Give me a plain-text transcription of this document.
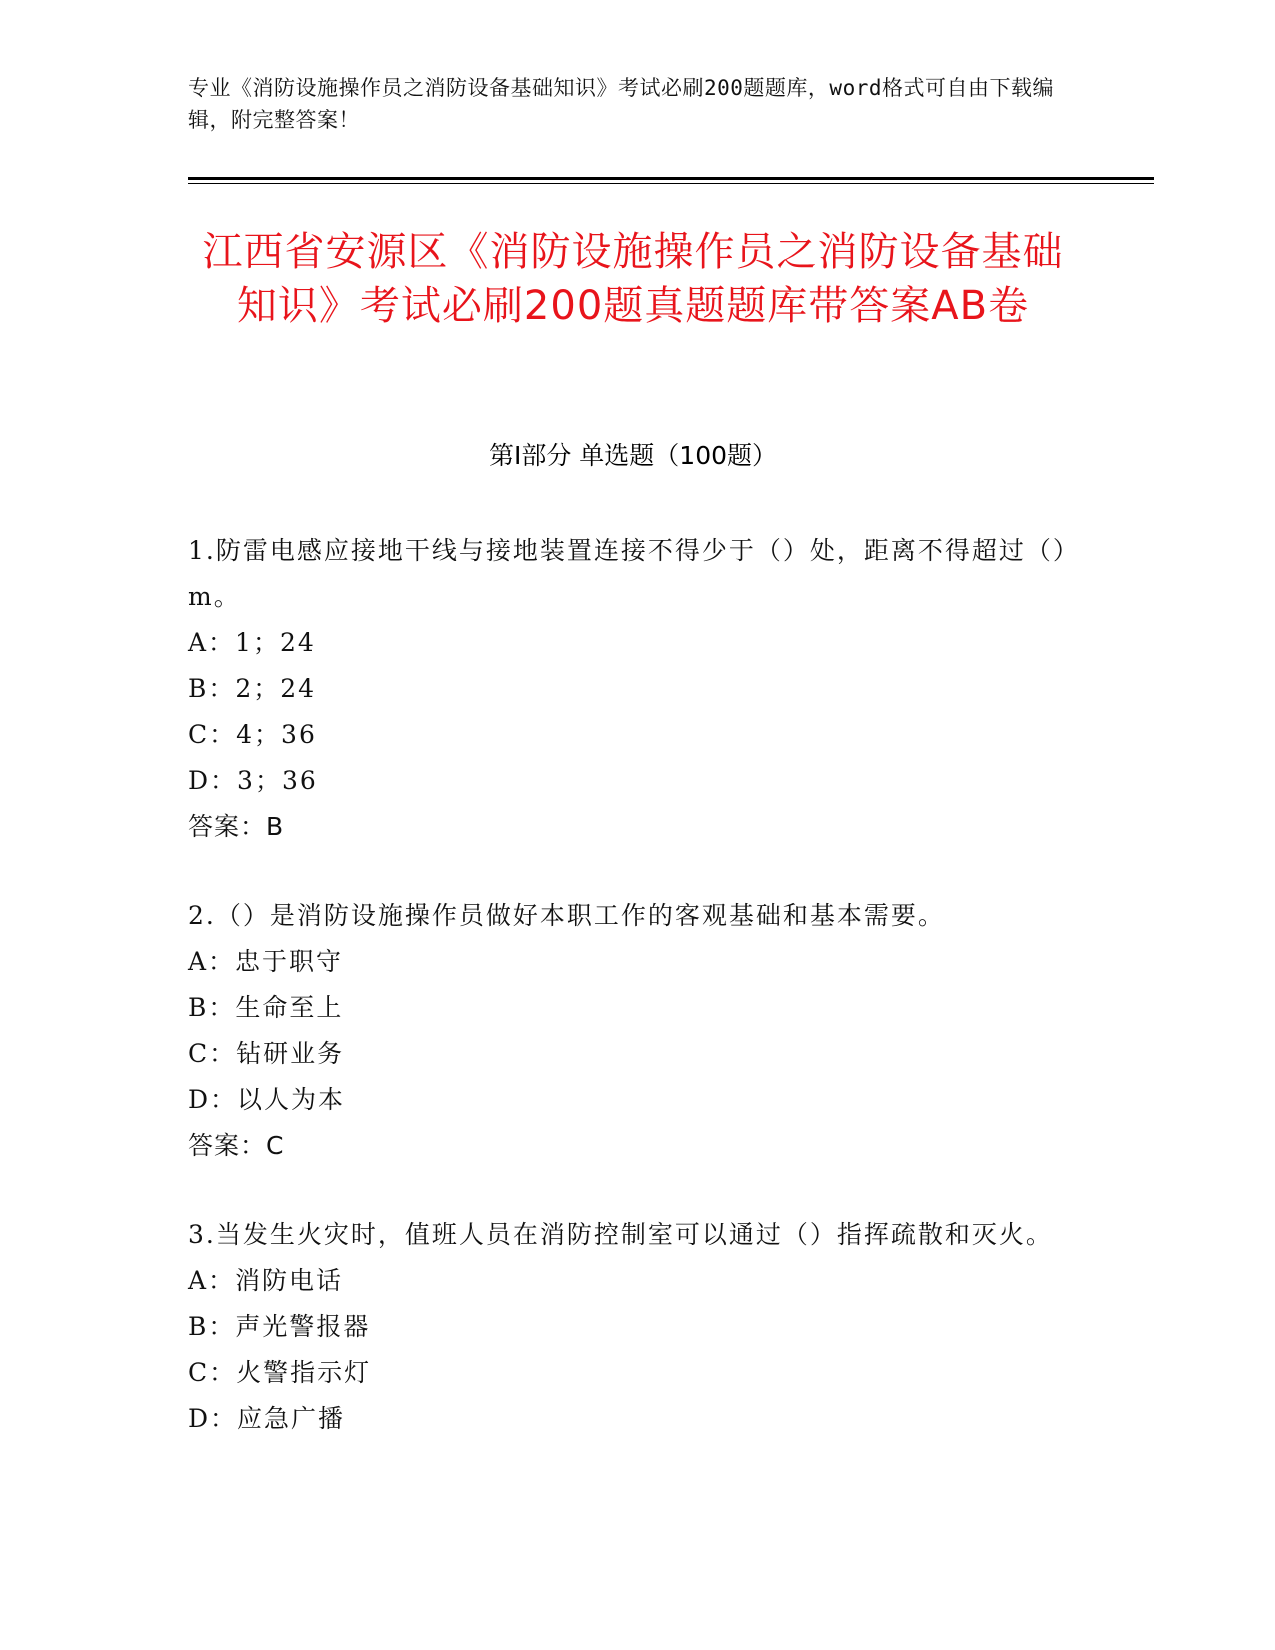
专业《消防设施操作员之消防设备基础知识》考试必刷200题题库，word格式可自由下载编辑，附完整答案！
江西省安源区《消防设施操作员之消防设备基础知识》考试必刷200题真题题库带答案AB卷
第Ⅰ部分 单选题（100题）
1.防雷电感应接地干线与接地装置连接不得少于（）处，距离不得超过（）m。
A：1；24
B：2；24
C：4；36
D：3；36
答案：B
2.（）是消防设施操作员做好本职工作的客观基础和基本需要。
A：忠于职守
B：生命至上
C：钻研业务
D：以人为本
答案：C
3.当发生火灾时，值班人员在消防控制室可以通过（）指挥疏散和灭火。
A：消防电话
B：声光警报器
C：火警指示灯
D：应急广播
